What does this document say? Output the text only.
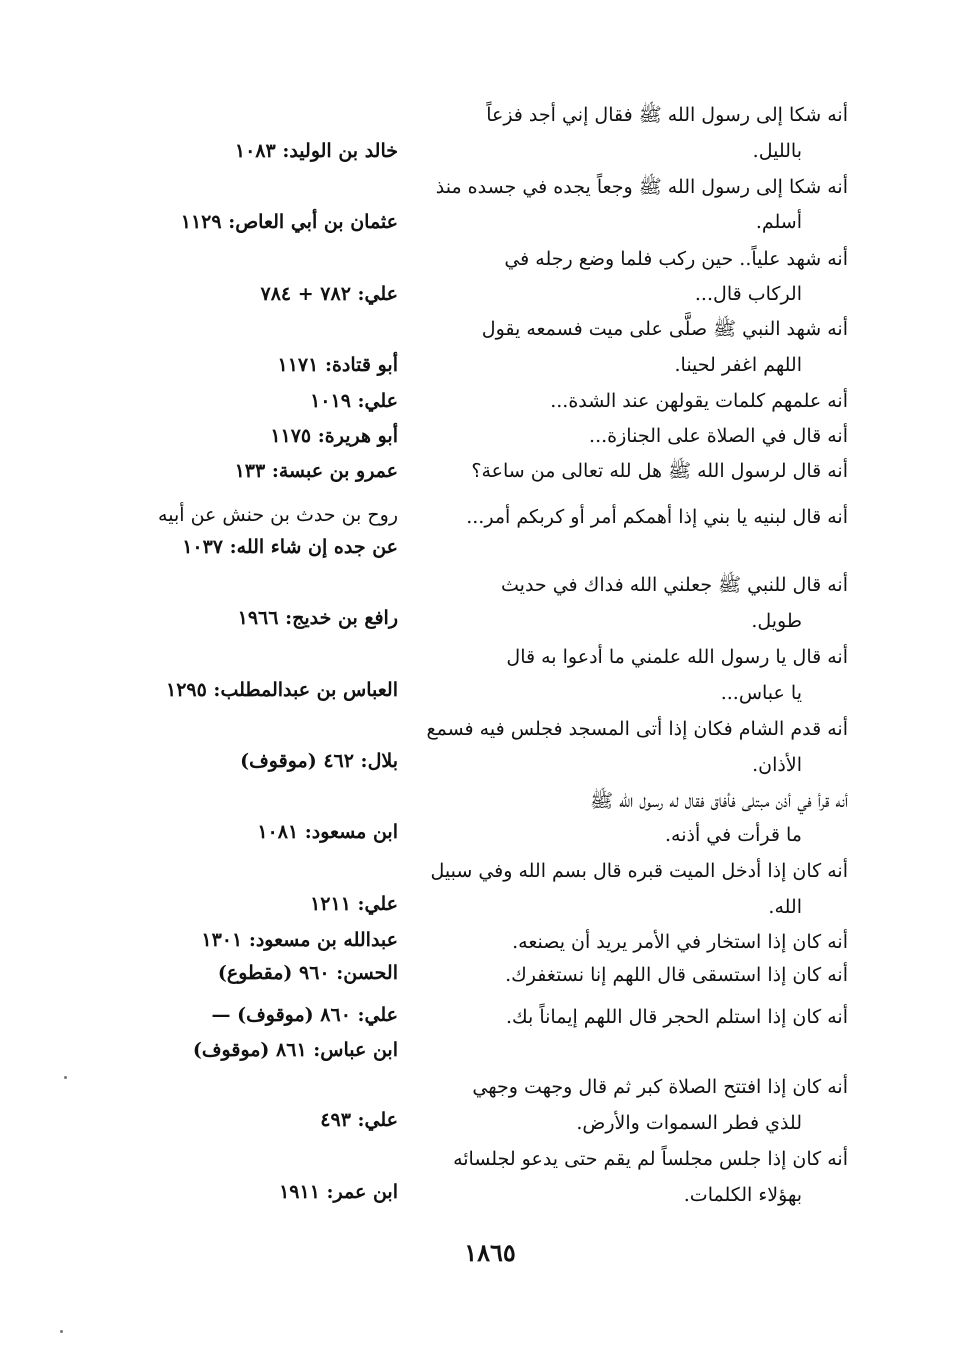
أنه شكا إلى رسول الله ﷺ فقال إني أجد فزعاً
بالليل.
أنه شكا إلى رسول الله ﷺ وجعاً يجده في جسده منذ
أسلم.
أنه شهد علياً.. حين ركب فلما وضع رجله في
الركاب قال...
أنه شهد النبي ﷺ صلَّى على ميت فسمعه يقول
اللهم اغفر لحينا.
أنه علمهم كلمات يقولهن عند الشدة...
أنه قال في الصلاة على الجنازة...
أنه قال لرسول الله ﷺ هل لله تعالى من ساعة؟
أنه قال لبنيه يا بني إذا أهمكم أمر أو كربكم أمر...
أنه قال للنبي ﷺ جعلني الله فداك في حديث
طويل.
أنه قال يا رسول الله علمني ما أدعوا به قال
يا عباس...
أنه قدم الشام فكان إذا أتى المسجد فجلس فيه فسمع
الأذان.
أنه قرأ في أذن مبتلى فأفاق فقال له رسول الله ﷺ
ما قرأت في أذنه.
أنه كان إذا أدخل الميت قبره قال بسم الله وفي سبيل
الله.
أنه كان إذا استخار في الأمر يريد أن يصنعه.
أنه كان إذا استسقى قال اللهم إنا نستغفرك.
أنه كان إذا استلم الحجر قال اللهم إيماناً بك.
أنه كان إذا افتتح الصلاة كبر ثم قال وجهت وجهي
للذي فطر السموات والأرض.
أنه كان إذا جلس مجلساً لم يقم حتى يدعو لجلسائه
بهؤلاء الكلمات.
خالد بن الوليد: ١٠٨٣
عثمان بن أبي العاص: ١١٢٩
علي: ٧٨٢ + ٧٨٤
أبو قتادة: ١١٧١
علي: ١٠١٩
أبو هريرة: ١١٧٥
عمرو بن عبسة: ١٣٣
روح بن حدث بن حنش عن أبيه
عن جده إن شاء الله: ١٠٣٧
رافع بن خديج: ١٩٦٦
العباس بن عبدالمطلب: ١٢٩٥
بلال: ٤٦٢ (موقوف)
ابن مسعود: ١٠٨١
علي: ١٢١١
عبدالله بن مسعود: ١٣٠١
الحسن: ٩٦٠ (مقطوع)
علي: ٨٦٠ (موقوف) —
ابن عباس: ٨٦١ (موقوف)
علي: ٤٩٣
ابن عمر: ١٩١١
١٨٦٥
